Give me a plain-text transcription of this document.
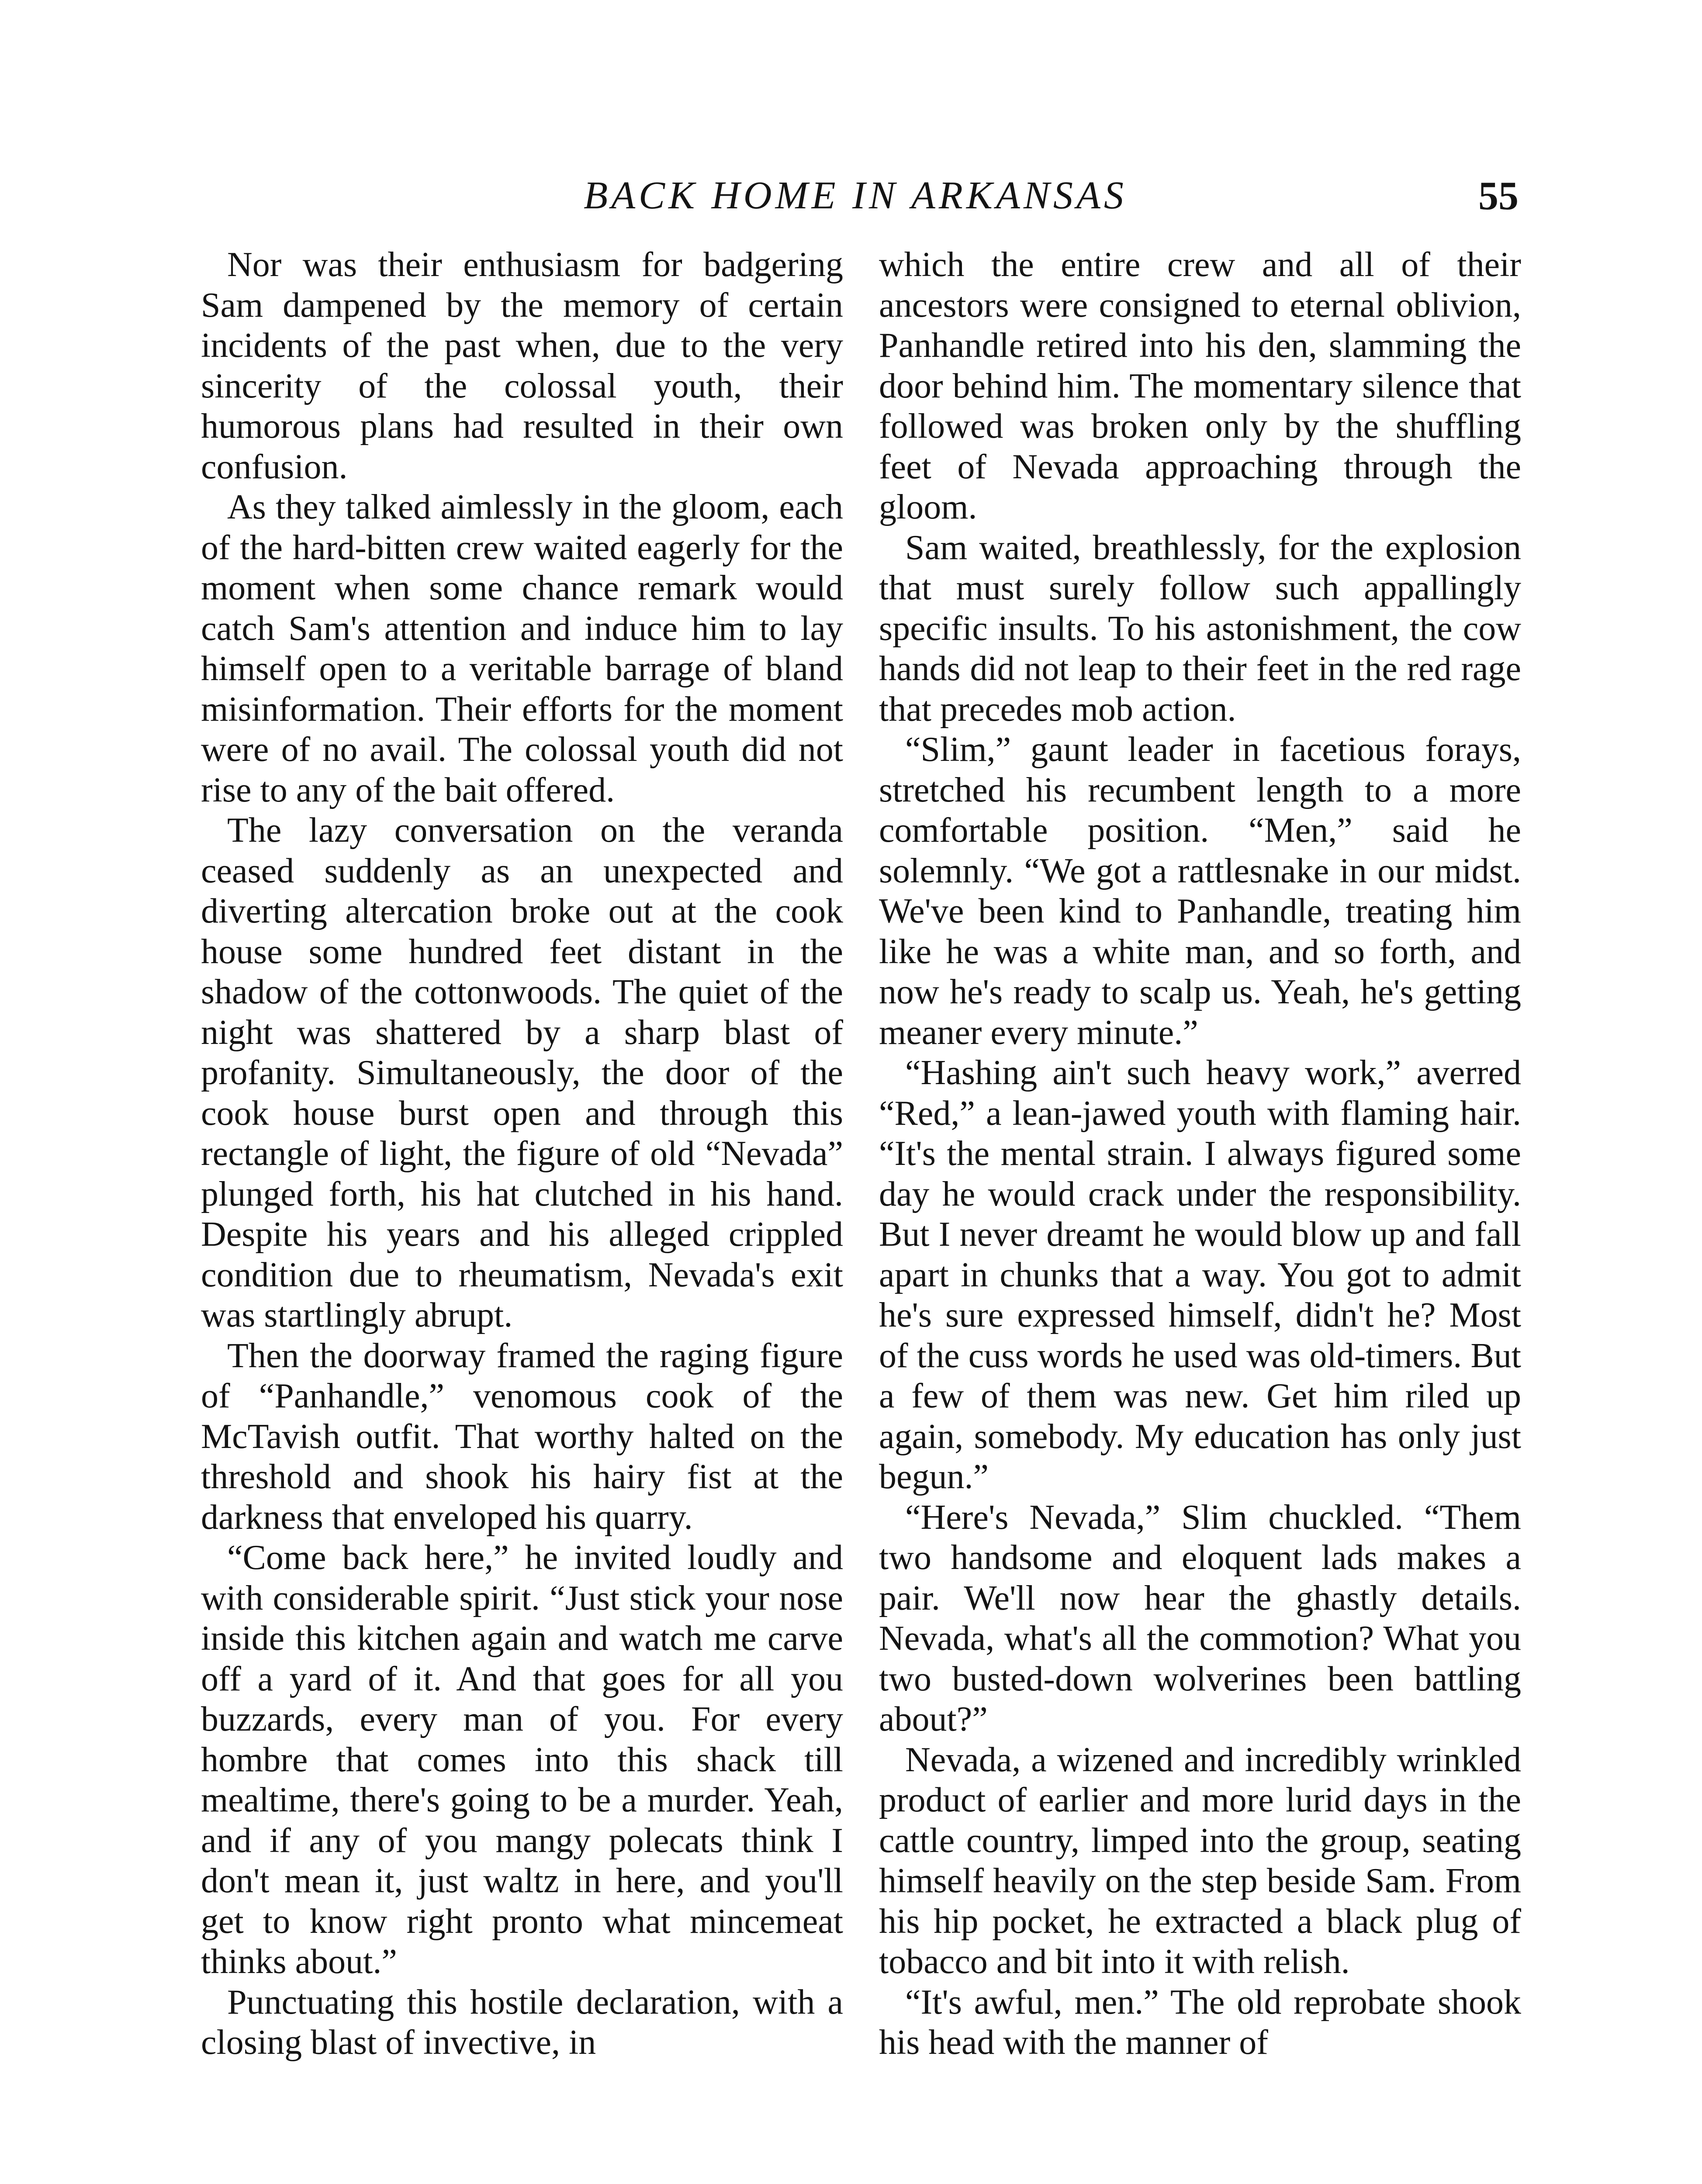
BACK HOME IN ARKANSAS	55

Nor was their enthusiasm for badgering Sam dampened by the memory of certain incidents of the past when, due to the very sincerity of the colossal youth, their humorous plans had resulted in their own confusion.

As they talked aimlessly in the gloom, each of the hard-bitten crew waited eagerly for the moment when some chance remark would catch Sam's attention and induce him to lay himself open to a veritable barrage of bland misinformation. Their efforts for the moment were of no avail. The colossal youth did not rise to any of the bait offered.

The lazy conversation on the veranda ceased suddenly as an unexpected and diverting altercation broke out at the cook house some hundred feet distant in the shadow of the cottonwoods. The quiet of the night was shattered by a sharp blast of profanity. Simultaneously, the door of the cook house burst open and through this rectangle of light, the figure of old “Nevada” plunged forth, his hat clutched in his hand. Despite his years and his alleged crippled condition due to rheumatism, Nevada's exit was startlingly abrupt.

Then the doorway framed the raging figure of “Panhandle,” venomous cook of the McTavish outfit. That worthy halted on the threshold and shook his hairy fist at the darkness that enveloped his quarry.

“Come back here,” he invited loudly and with considerable spirit. “Just stick your nose inside this kitchen again and watch me carve off a yard of it. And that goes for all you buzzards, every man of you. For every hombre that comes into this shack till mealtime, there's going to be a murder. Yeah, and if any of you mangy polecats think I don't mean it, just waltz in here, and you'll get to know right pronto what mincemeat thinks about.”

Punctuating this hostile declaration, with a closing blast of invective, in

which the entire crew and all of their ancestors were consigned to eternal oblivion, Panhandle retired into his den, slamming the door behind him. The momentary silence that followed was broken only by the shuffling feet of Nevada approaching through the gloom.

Sam waited, breathlessly, for the explosion that must surely follow such appallingly specific insults. To his astonishment, the cow hands did not leap to their feet in the red rage that precedes mob action.

“Slim,” gaunt leader in facetious forays, stretched his recumbent length to a more comfortable position. “Men,” said he solemnly. “We got a rattlesnake in our midst. We've been kind to Panhandle, treating him like he was a white man, and so forth, and now he's ready to scalp us. Yeah, he's getting meaner every minute.”

“Hashing ain't such heavy work,” averred “Red,” a lean-jawed youth with flaming hair. “It's the mental strain. I always figured some day he would crack under the responsibility. But I never dreamt he would blow up and fall apart in chunks that a way. You got to admit he's sure expressed himself, didn't he? Most of the cuss words he used was old-timers. But a few of them was new. Get him riled up again, somebody. My education has only just begun.”

“Here's Nevada,” Slim chuckled. “Them two handsome and eloquent lads makes a pair. We'll now hear the ghastly details. Nevada, what's all the commotion? What you two busted-down wolverines been battling about?”

Nevada, a wizened and incredibly wrinkled product of earlier and more lurid days in the cattle country, limped into the group, seating himself heavily on the step beside Sam. From his hip pocket, he extracted a black plug of tobacco and bit into it with relish.

“It's awful, men.” The old reprobate shook his head with the manner of
